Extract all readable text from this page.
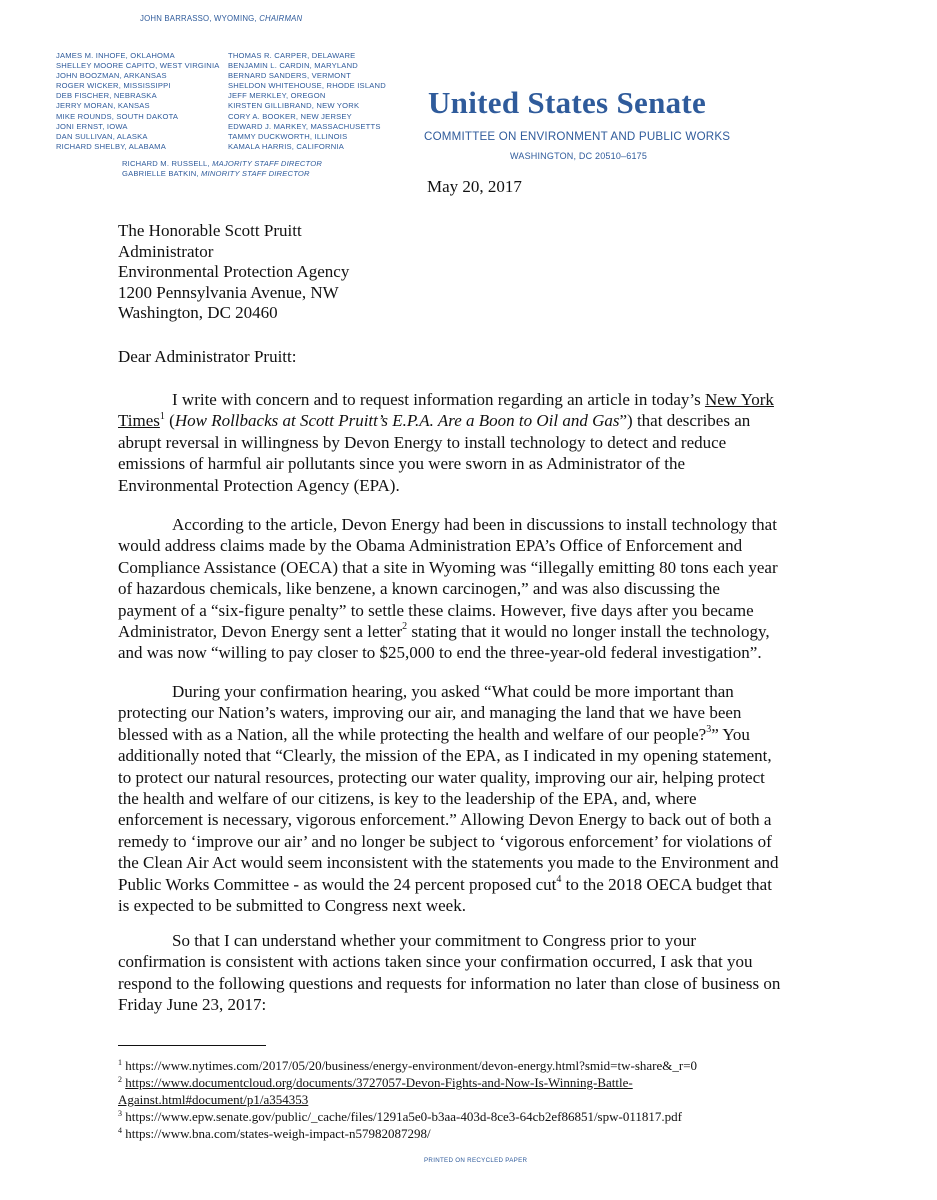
JOHN BARRASSO, WYOMING, CHAIRMAN
JAMES M. INHOFE, OKLAHOMA
SHELLEY MOORE CAPITO, WEST VIRGINIA
JOHN BOOZMAN, ARKANSAS
ROGER WICKER, MISSISSIPPI
DEB FISCHER, NEBRASKA
JERRY MORAN, KANSAS
MIKE ROUNDS, SOUTH DAKOTA
JONI ERNST, IOWA
DAN SULLIVAN, ALASKA
RICHARD SHELBY, ALABAMA
THOMAS R. CARPER, DELAWARE
BENJAMIN L. CARDIN, MARYLAND
BERNARD SANDERS, VERMONT
SHELDON WHITEHOUSE, RHODE ISLAND
JEFF MERKLEY, OREGON
KIRSTEN GILLIBRAND, NEW YORK
CORY A. BOOKER, NEW JERSEY
EDWARD J. MARKEY, MASSACHUSETTS
TAMMY DUCKWORTH, ILLINOIS
KAMALA HARRIS, CALIFORNIA
RICHARD M. RUSSELL, MAJORITY STAFF DIRECTOR
GABRIELLE BATKIN, MINORITY STAFF DIRECTOR
United States Senate
COMMITTEE ON ENVIRONMENT AND PUBLIC WORKS
WASHINGTON, DC 20510–6175
May 20, 2017
The Honorable Scott Pruitt
Administrator
Environmental Protection Agency
1200 Pennsylvania Avenue, NW
Washington, DC 20460
Dear Administrator Pruitt:
I write with concern and to request information regarding an article in today’s New York
Times$^1$ (How Rollbacks at Scott Pruitt’s E.P.A. Are a Boon to Oil and Gas”) that describes an
abrupt reversal in willingness by Devon Energy to install technology to detect and reduce
emissions of harmful air pollutants since you were sworn in as Administrator of the
Environmental Protection Agency (EPA).
According to the article, Devon Energy had been in discussions to install technology that
would address claims made by the Obama Administration EPA’s Office of Enforcement and
Compliance Assistance (OECA) that a site in Wyoming was “illegally emitting 80 tons each year
of hazardous chemicals, like benzene, a known carcinogen,” and was also discussing the
payment of a “six-figure penalty” to settle these claims. However, five days after you became
Administrator, Devon Energy sent a letter$^2$ stating that it would no longer install the technology,
and was now “willing to pay closer to $25,000 to end the three-year-old federal investigation”.
During your confirmation hearing, you asked “What could be more important than
protecting our Nation’s waters, improving our air, and managing the land that we have been
blessed with as a Nation, all the while protecting the health and welfare of our people?$^3$” You
additionally noted that “Clearly, the mission of the EPA, as I indicated in my opening statement,
to protect our natural resources, protecting our water quality, improving our air, helping protect
the health and welfare of our citizens, is key to the leadership of the EPA, and, where
enforcement is necessary, vigorous enforcement.” Allowing Devon Energy to back out of both a
remedy to ‘improve our air’ and no longer be subject to ‘vigorous enforcement’ for violations of
the Clean Air Act would seem inconsistent with the statements you made to the Environment and
Public Works Committee - as would the 24 percent proposed cut$^4$ to the 2018 OECA budget that
is expected to be submitted to Congress next week.
So that I can understand whether your commitment to Congress prior to your
confirmation is consistent with actions taken since your confirmation occurred, I ask that you
respond to the following questions and requests for information no later than close of business on
Friday June 23, 2017:
$^1$ https://www.nytimes.com/2017/05/20/business/energy-environment/devon-energy.html?smid=tw-share&_r=0
$^2$ https://www.documentcloud.org/documents/3727057-Devon-Fights-and-Now-Is-Winning-Battle-
Against.html#document/p1/a354353
$^3$ https://www.epw.senate.gov/public/_cache/files/1291a5e0-b3aa-403d-8ce3-64cb2ef86851/spw-011817.pdf
$^4$ https://www.bna.com/states-weigh-impact-n57982087298/
PRINTED ON RECYCLED PAPER
